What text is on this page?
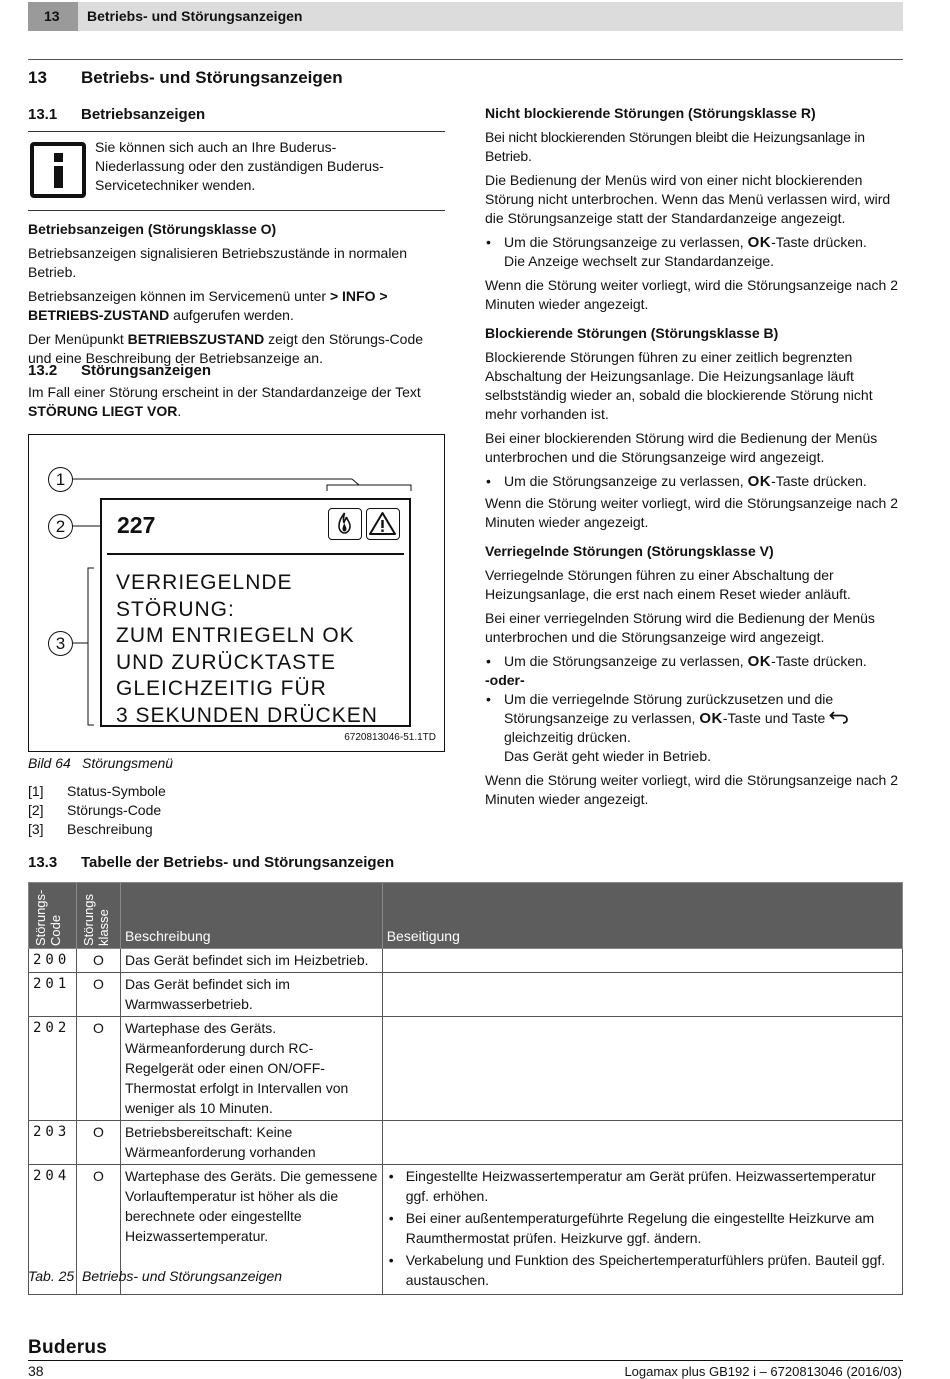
13	Betriebs- und Störungsanzeigen
13 Betriebs- und Störungsanzeigen
13.1 Betriebsanzeigen
Sie können sich auch an Ihre Buderus-Niederlassung oder den zuständigen Buderus-Servicetechniker wenden.

Betriebsanzeigen (Störungsklasse O)

Betriebsanzeigen signalisieren Betriebszustände in normalen Betrieb.

Betriebsanzeigen können im Servicemenü unter > INFO > BETRIEBS-ZUSTAND aufgerufen werden.

Der Menüpunkt BETRIEBSZUSTAND zeigt den Störungs-Code und eine Beschreibung der Betriebsanzeige an.

13.2 Störungsanzeigen
Im Fall einer Störung erscheint in der Standardanzeige der Text STÖRUNG LIEGT VOR.
1
2
3
227
VERRIEGELNDE STÖRUNG:
ZUM ENTRIEGELN OK
UND ZURÜCKTASTE
GLEICHZEITIG FÜR
3 SEKUNDEN DRÜCKEN
6720813046-51.1TD
Bild 64 Störungsmenü
[1] Status-Symbole
[2] Störungs-Code
[3] Beschreibung

Nicht blockierende Störungen (Störungsklasse R)

Bei nicht blockierenden Störungen bleibt die Heizungsanlage in Betrieb.

Die Bedienung der Menüs wird von einer nicht blockierenden Störung nicht unterbrochen. Wenn das Menü verlassen wird, wird die Störungsanzeige statt der Standardanzeige angezeigt.

• Um die Störungsanzeige zu verlassen, OK-Taste drücken.

Die Anzeige wechselt zur Standardanzeige.

Wenn die Störung weiter vorliegt, wird die Störungsanzeige nach 2 Minuten wieder angezeigt.

Blockierende Störungen (Störungsklasse B)

Blockierende Störungen führen zu einer zeitlich begrenzten Abschaltung der Heizungsanlage. Die Heizungsanlage läuft selbstständig wieder an, sobald die blockierende Störung nicht mehr vorhanden ist.

Bei einer blockierenden Störung wird die Bedienung der Menüs unterbrochen und die Störungsanzeige wird angezeigt.

• Um die Störungsanzeige zu verlassen, OK-Taste drücken.

Wenn die Störung weiter vorliegt, wird die Störungsanzeige nach 2 Minuten wieder angezeigt.

Verriegelnde Störungen (Störungsklasse V)

Verriegelnde Störungen führen zu einer Abschaltung der Heizungsanlage, die erst nach einem Reset wieder anläuft.

Bei einer verriegelnden Störung wird die Bedienung der Menüs unterbrochen und die Störungsanzeige wird angezeigt.

• Um die Störungsanzeige zu verlassen, OK-Taste drücken.
-oder-
• Um die verriegelnde Störung zurückzusetzen und die Störungsanzeige zu verlassen, OK-Taste und Taste  gleichzeitig drücken.

Das Gerät geht wieder in Betrieb.

Wenn die Störung weiter vorliegt, wird die Störungsanzeige nach 2 Minuten wieder angezeigt.

13.3 Tabelle der Betriebs- und Störungsanzeigen
Störungs-Code	Störungs klasse	Beschreibung	Beseitigung
200	O	Das Gerät befindet sich im Heizbetrieb.	
201	O	Das Gerät befindet sich im Warmwasserbetrieb.	
202	O	Wartephase des Geräts. Wärmeanforderung durch RC-Regelgerät oder einen ON/OFF-Thermostat erfolgt in Intervallen von weniger als 10 Minuten.	
203	O	Betriebsbereitschaft: Keine Wärmeanforderung vorhanden	
204	O	Wartephase des Geräts. Die gemessene Vorlauftemperatur ist höher als die berechnete oder eingestellte Heizwassertemperatur.	• Eingestellte Heizwassertemperatur am Gerät prüfen. Heizwassertemperatur ggf. erhöhen.
• Bei einer außentemperaturgeführte Regelung die eingestellte Heizkurve am Raumthermostat prüfen. Heizkurve ggf. ändern.
• Verkabelung und Funktion des Speichertemperaturfühlers prüfen. Bauteil ggf. austauschen.
Tab. 25 Betriebs- und Störungsanzeigen
Buderus
38	Logamax plus GB192 i – 6720813046 (2016/03)
